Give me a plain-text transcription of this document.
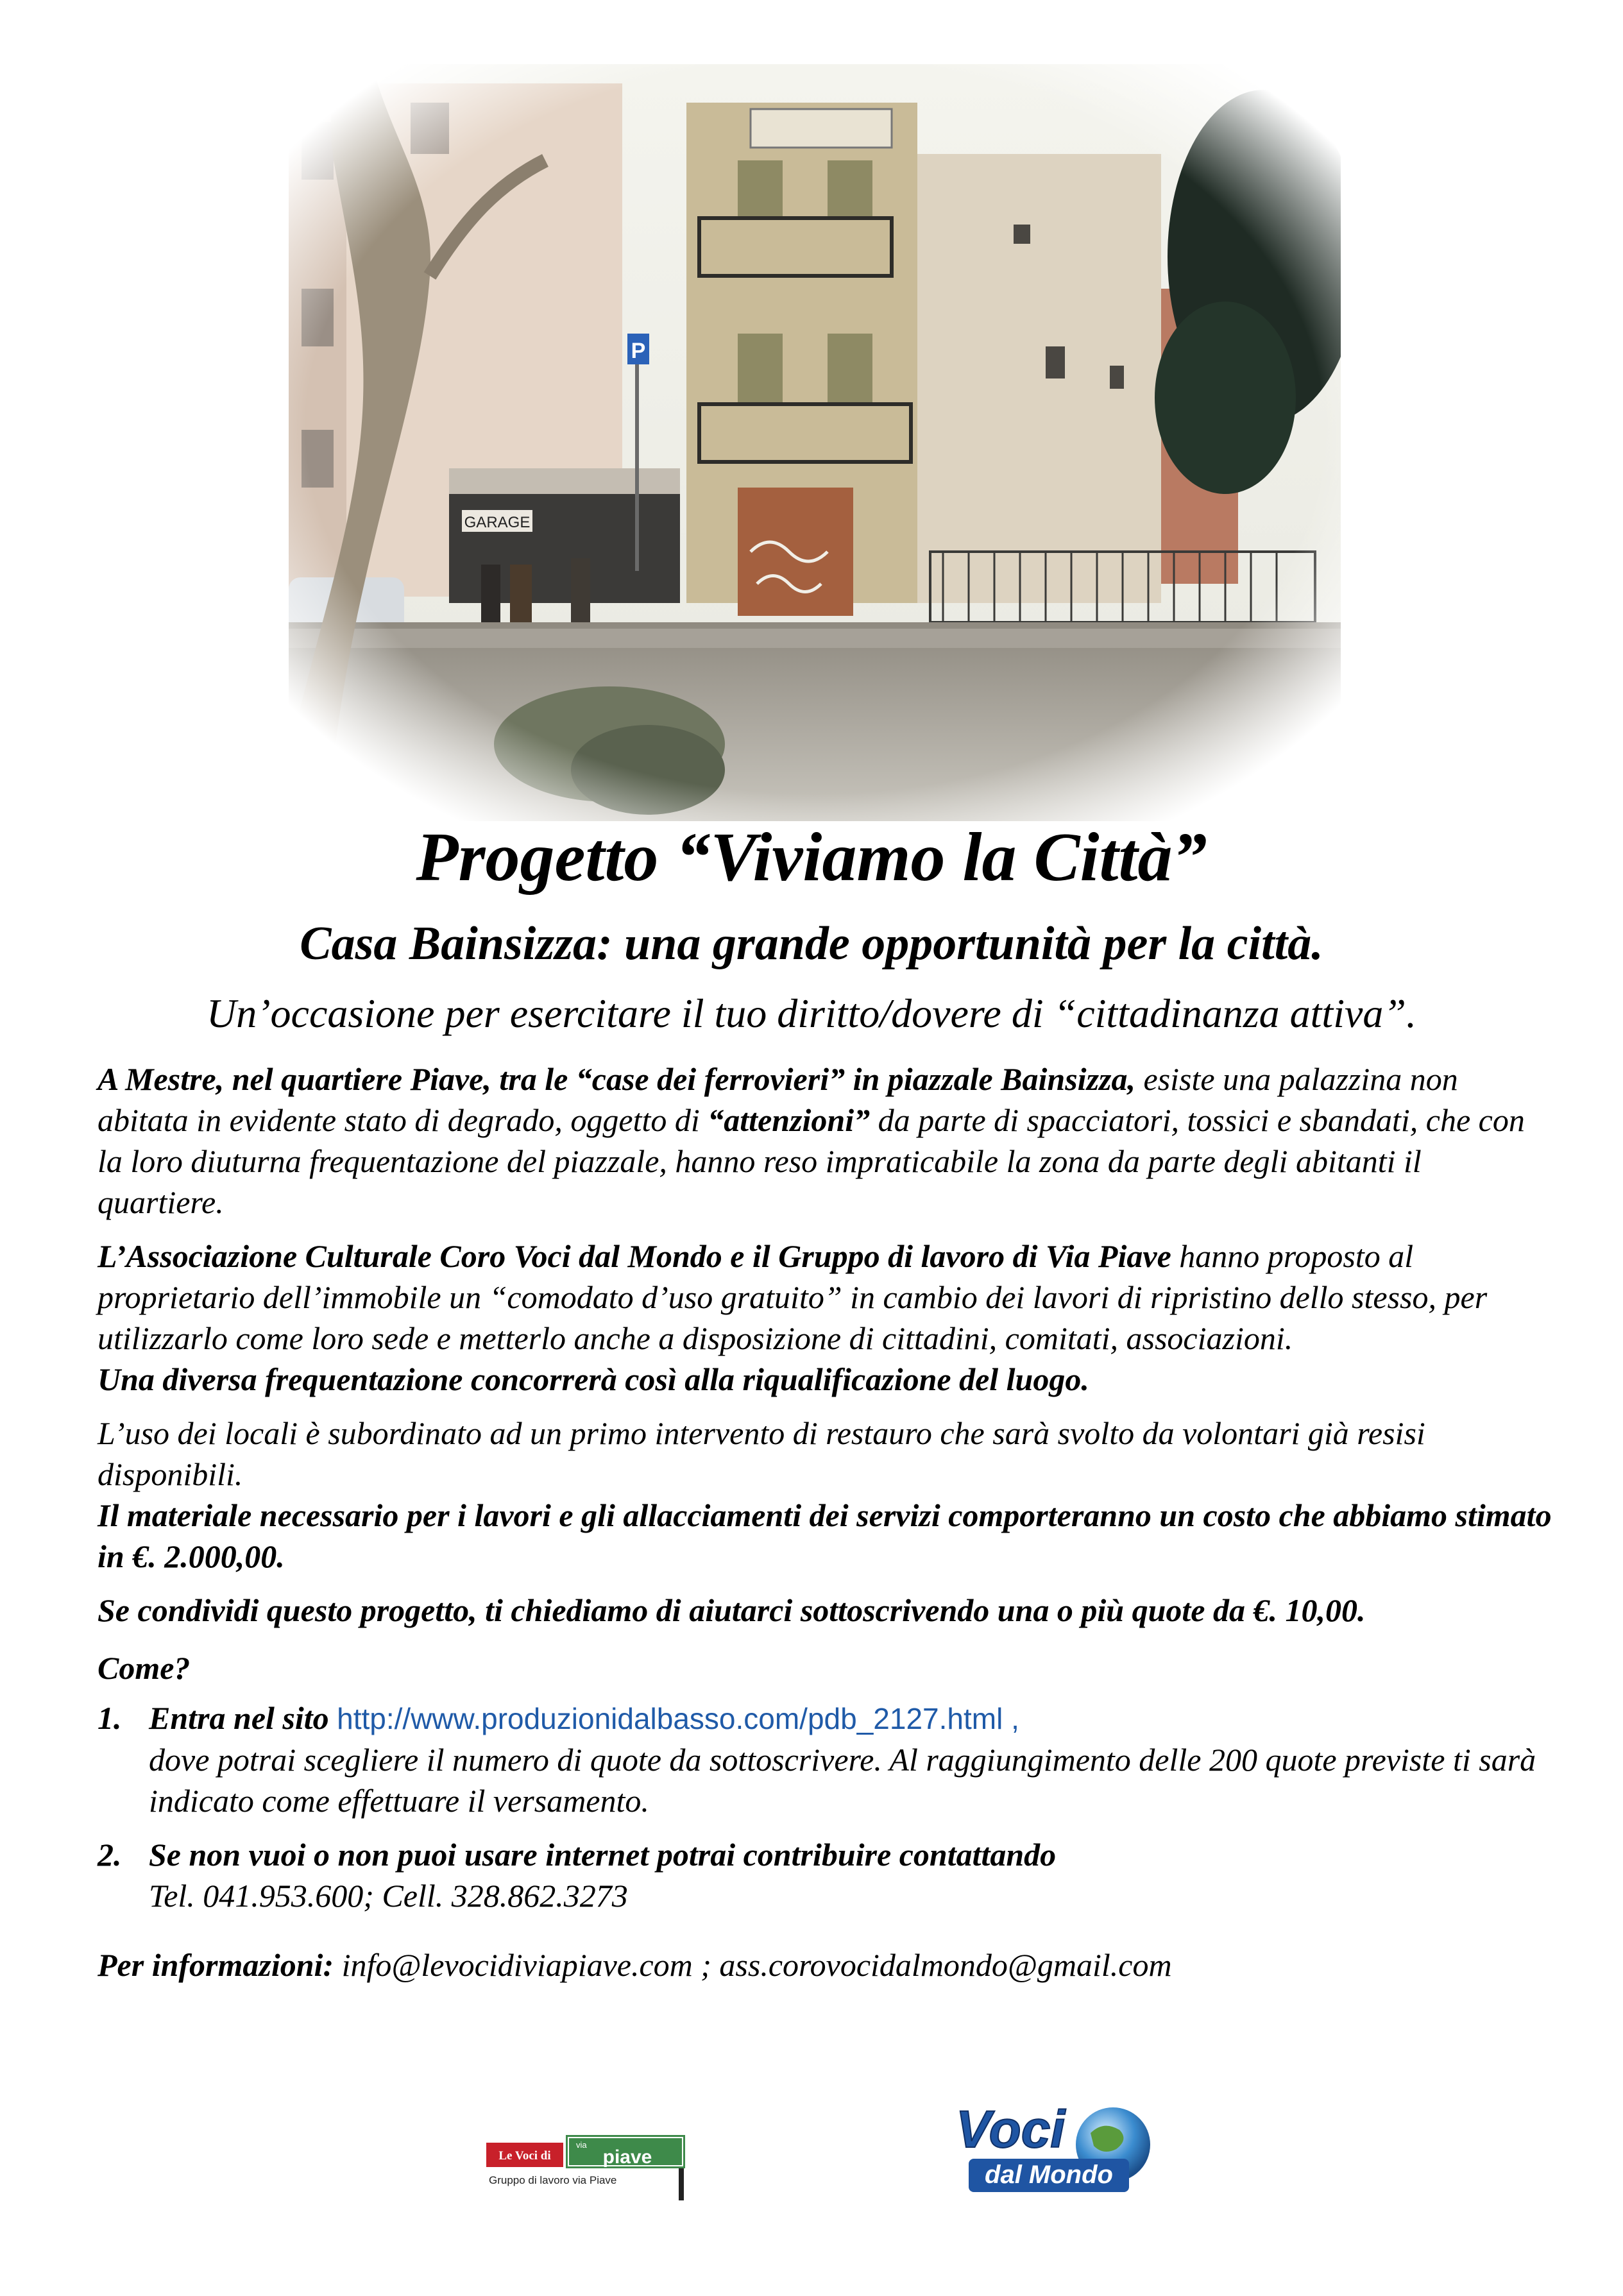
Progetto “Viviamo la Città”
Casa Bainsizza: una grande opportunità per la città.
Un’occasione per esercitare il tuo diritto/dovere di “cittadinanza attiva”.

A Mestre, nel quartiere Piave, tra le “case dei ferrovieri” in piazzale Bainsizza, esiste una palazzina non abitata in evidente stato di degrado, oggetto di “attenzioni” da parte di spacciatori, tossici e sbandati, che con la loro diuturna frequentazione del piazzale, hanno reso impraticabile la zona da parte degli abitanti il quartiere.

L’Associazione Culturale Coro Voci dal Mondo e il Gruppo di lavoro di Via Piave hanno proposto al proprietario dell’immobile un “comodato d’uso gratuito” in cambio dei lavori di ripristino dello stesso, per utilizzarlo come loro sede e metterlo anche a disposizione di cittadini, comitati, associazioni.

Una diversa frequentazione concorrerà così alla riqualificazione del luogo.

L’uso dei locali è subordinato ad un primo intervento di restauro che sarà svolto da volontari già resisi disponibili.

Il materiale necessario per i lavori e gli allacciamenti dei servizi comporteranno un costo che abbiamo stimato in €. 2.000,00.

Se condividi questo progetto, ti chiediamo di aiutarci sottoscrivendo una o più quote da €. 10,00.

Come?

1. Entra nel sito http://www.produzionidalbasso.com/pdb_2127.html ,
dove potrai scegliere il numero di quote da sottoscrivere. Al raggiungimento delle 200 quote previste ti sarà indicato come effettuare il versamento.
2. Se non vuoi o non puoi usare internet potrai contribuire contattando
Tel. 041.953.600; Cell. 328.862.3273

Per informazioni: info@levocidiviapiave.com ; ass.corovocidalmondo@gmail.com

Le Voci di
via
piave
Gruppo di lavoro via Piave
Voci
dal Mondo
